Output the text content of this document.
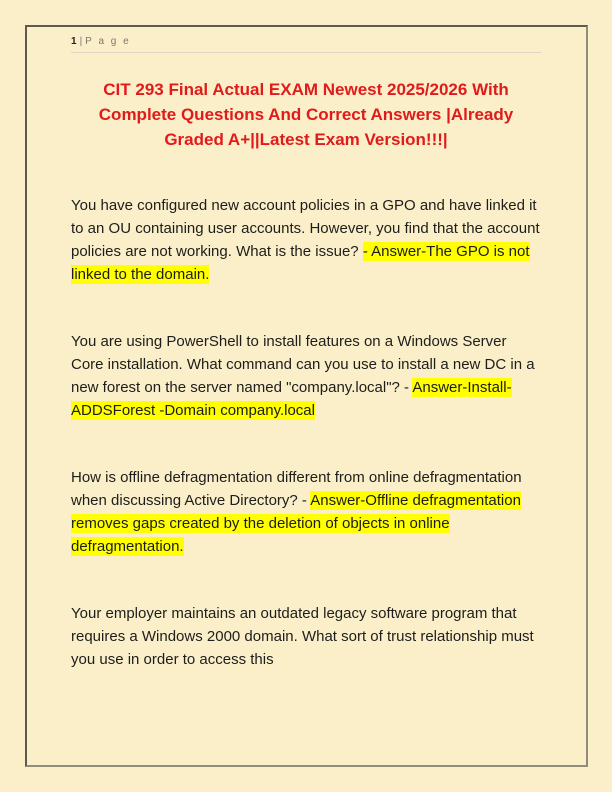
1 | P a g e
CIT 293 Final Actual EXAM Newest 2025/2026 With
Complete Questions And Correct Answers |Already
Graded A+||Latest Exam Version!!!|

You have configured new account policies in a GPO and have linked it to an OU containing user accounts. However, you find that the account policies are not working. What is the issue? - Answer-The GPO is not linked to the domain.

You are using PowerShell to install features on a Windows Server Core installation. What command can you use to install a new DC in a new forest on the server named "company.local"? - Answer-Install-ADDSForest -Domain company.local

How is offline defragmentation different from online defragmentation when discussing Active Directory? - Answer-Offline defragmentation removes gaps created by the deletion of objects in online defragmentation.

Your employer maintains an outdated legacy software program that requires a Windows 2000 domain. What sort of trust relationship must you use in order to access this
